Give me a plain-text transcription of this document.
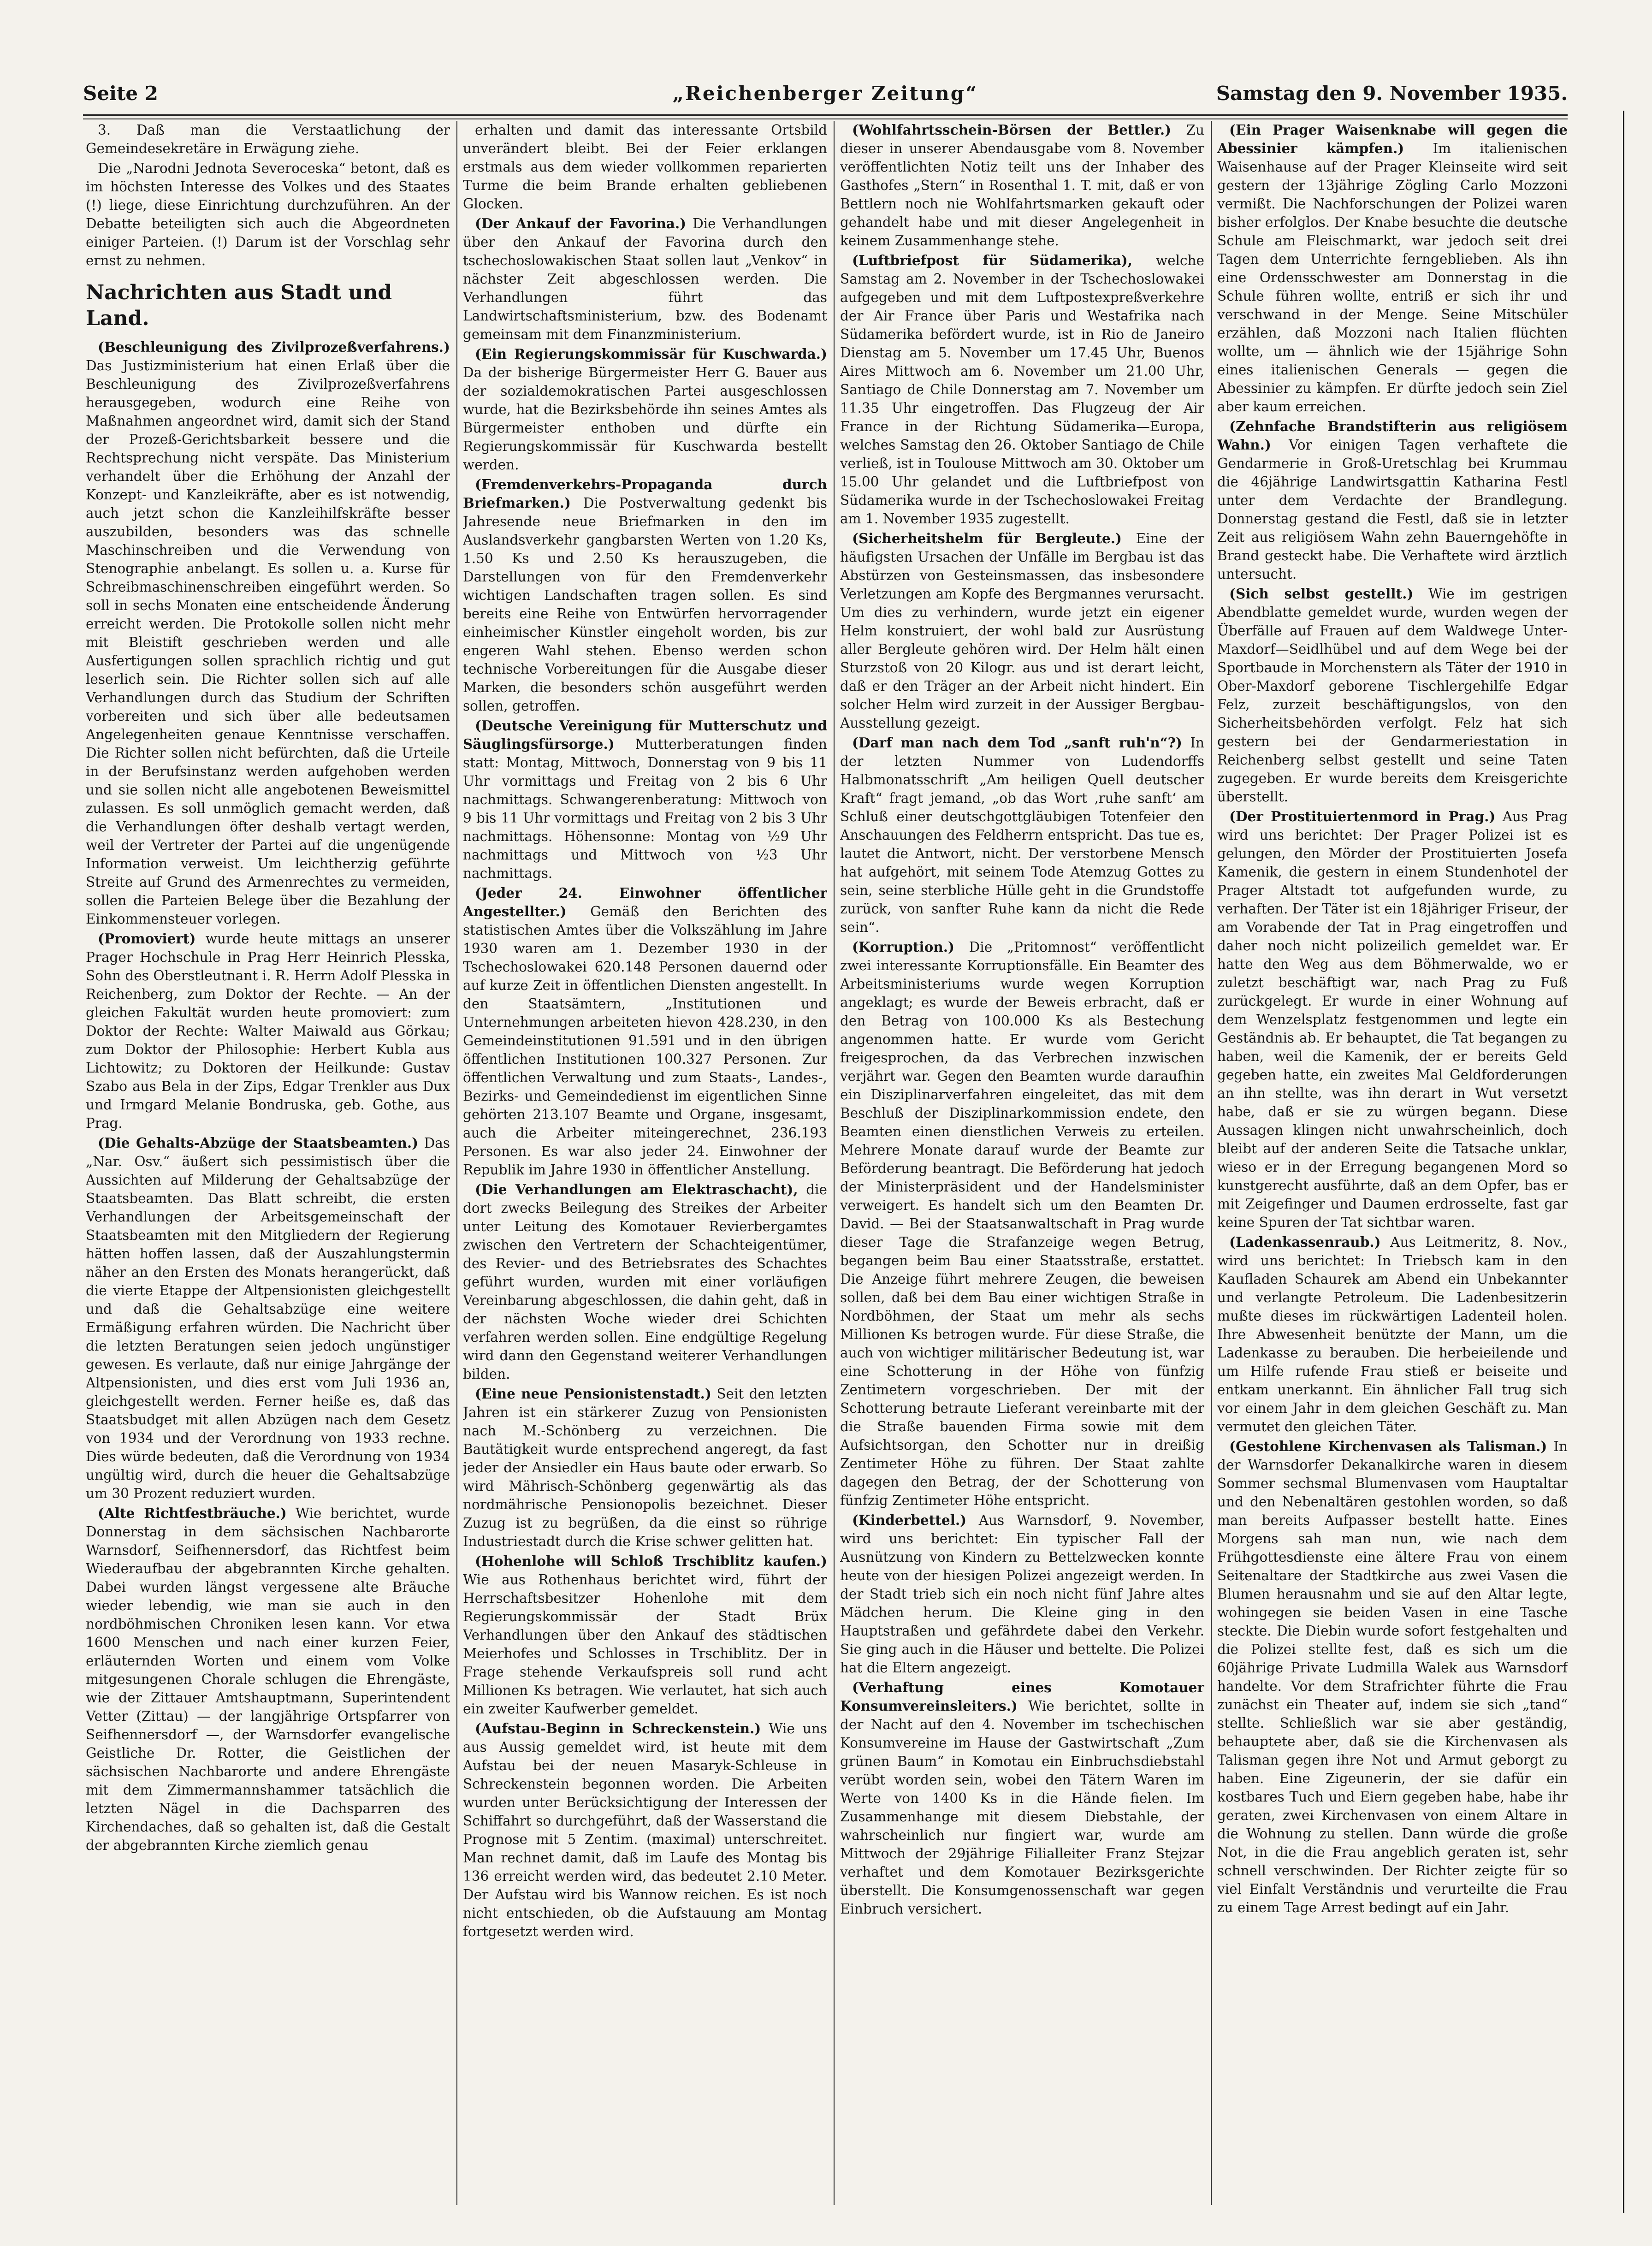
Seite 2	„Reichenberger Zeitung“	Samstag den 9. November 1935.

3. Daß man die Verstaatlichung der Gemeindesekretäre in Erwägung ziehe.

Die „Narodni Jednota Severoceska“ betont, daß es im höchsten Interesse des Volkes und des Staates (!) liege, diese Einrichtung durchzuführen. An der Debatte beteiligten sich auch die Abgeordneten einiger Parteien. (!) Darum ist der Vorschlag sehr ernst zu nehmen.

Nachrichten aus Stadt und Land.

(Beschleunigung des Zivilprozeßverfahrens.) Das Justizministerium hat einen Erlaß über die Beschleunigung des Zivilprozeßverfahrens herausgegeben, wodurch eine Reihe von Maßnahmen angeordnet wird, damit sich der Stand der Prozeß-Gerichtsbarkeit bessere und die Rechtsprechung nicht verspäte. Das Ministerium verhandelt über die Erhöhung der Anzahl der Konzept- und Kanzleikräfte, aber es ist notwendig, auch jetzt schon die Kanzleihilfskräfte besser auszubilden, besonders was das schnelle Maschinschreiben und die Verwendung von Stenographie anbelangt. Es sollen u. a. Kurse für Schreibmaschinenschreiben eingeführt werden. So soll in sechs Monaten eine entscheidende Änderung erreicht werden. Die Protokolle sollen nicht mehr mit Bleistift geschrieben werden und alle Ausfertigungen sollen sprachlich richtig und gut leserlich sein. Die Richter sollen sich auf alle Verhandlungen durch das Studium der Schriften vorbereiten und sich über alle bedeutsamen Angelegenheiten genaue Kenntnisse verschaffen. Die Richter sollen nicht befürchten, daß die Urteile in der Berufsinstanz werden aufgehoben werden und sie sollen nicht alle angebotenen Beweismittel zulassen. Es soll unmöglich gemacht werden, daß die Verhandlungen öfter deshalb vertagt werden, weil der Vertreter der Partei auf die ungenügende Information verweist. Um leichtherzig geführte Streite auf Grund des Armenrechtes zu vermeiden, sollen die Parteien Belege über die Bezahlung der Einkommensteuer vorlegen.

(Promoviert) wurde heute mittags an unserer Prager Hochschule in Prag Herr Heinrich Plesska, Sohn des Oberstleutnant i. R. Herrn Adolf Plesska in Reichenberg, zum Doktor der Rechte. — An der gleichen Fakultät wurden heute promoviert: zum Doktor der Rechte: Walter Maiwald aus Görkau; zum Doktor der Philosophie: Herbert Kubla aus Lichtowitz; zu Doktoren der Heilkunde: Gustav Szabo aus Bela in der Zips, Edgar Trenkler aus Dux und Irmgard Melanie Bondruska, geb. Gothe, aus Prag.

(Die Gehalts-Abzüge der Staatsbeamten.) Das „Nar. Osv.“ äußert sich pessimistisch über die Aussichten auf Milderung der Gehaltsabzüge der Staatsbeamten. Das Blatt schreibt, die ersten Verhandlungen der Arbeitsgemeinschaft der Staatsbeamten mit den Mitgliedern der Regierung hätten hoffen lassen, daß der Auszahlungstermin näher an den Ersten des Monats herangerückt, daß die vierte Etappe der Altpensionisten gleichgestellt und daß die Gehaltsabzüge eine weitere Ermäßigung erfahren würden. Die Nachricht über die letzten Beratungen seien jedoch ungünstiger gewesen. Es verlaute, daß nur einige Jahrgänge der Altpensionisten, und dies erst vom Juli 1936 an, gleichgestellt werden. Ferner heiße es, daß das Staatsbudget mit allen Abzügen nach dem Gesetz von 1934 und der Verordnung von 1933 rechne. Dies würde bedeuten, daß die Verordnung von 1934 ungültig wird, durch die heuer die Gehaltsabzüge um 30 Prozent reduziert wurden.

(Alte Richtfestbräuche.) Wie berichtet, wurde Donnerstag in dem sächsischen Nachbarorte Warnsdorf, Seifhennersdorf, das Richtfest beim Wiederaufbau der abgebrannten Kirche gehalten. Dabei wurden längst vergessene alte Bräuche wieder lebendig, wie man sie auch in den nordböhmischen Chroniken lesen kann. Vor etwa 1600 Menschen und nach einer kurzen Feier, erläuternden Worten und einem vom Volke mitgesungenen Chorale schlugen die Ehrengäste, wie der Zittauer Amtshauptmann, Superintendent Vetter (Zittau) — der langjährige Ortspfarrer von Seifhennersdorf —, der Warnsdorfer evangelische Geistliche Dr. Rotter, die Geistlichen der sächsischen Nachbarorte und andere Ehrengäste mit dem Zimmermannshammer tatsächlich die letzten Nägel in die Dachsparren des Kirchendaches, daß so gehalten ist, daß die Gestalt der abgebrannten Kirche ziemlich genau

erhalten und damit das interessante Ortsbild unverändert bleibt. Bei der Feier erklangen erstmals aus dem wieder vollkommen reparierten Turme die beim Brande erhalten gebliebenen Glocken.

(Der Ankauf der Favorina.) Die Verhandlungen über den Ankauf der Favorina durch den tschechoslowakischen Staat sollen laut „Venkov“ in nächster Zeit abgeschlossen werden. Die Verhandlungen führt das Landwirtschaftsministerium, bzw. des Bodenamt gemeinsam mit dem Finanzministerium.

(Ein Regierungskommissär für Kuschwarda.) Da der bisherige Bürgermeister Herr G. Bauer aus der sozialdemokratischen Partei ausgeschlossen wurde, hat die Bezirksbehörde ihn seines Amtes als Bürgermeister enthoben und dürfte ein Regierungskommissär für Kuschwarda bestellt werden.

(Fremdenverkehrs-Propaganda durch Briefmarken.) Die Postverwaltung gedenkt bis Jahresende neue Briefmarken in den im Auslandsverkehr gangbarsten Werten von 1.20 Ks, 1.50 Ks und 2.50 Ks herauszugeben, die Darstellungen von für den Fremdenverkehr wichtigen Landschaften tragen sollen. Es sind bereits eine Reihe von Entwürfen hervorragender einheimischer Künstler eingeholt worden, bis zur engeren Wahl stehen. Ebenso werden schon technische Vorbereitungen für die Ausgabe dieser Marken, die besonders schön ausgeführt werden sollen, getroffen.

(Deutsche Vereinigung für Mutterschutz und Säuglingsfürsorge.) Mutterberatungen finden statt: Montag, Mittwoch, Donnerstag von 9 bis 11 Uhr vormittags und Freitag von 2 bis 6 Uhr nachmittags. Schwangerenberatung: Mittwoch von 9 bis 11 Uhr vormittags und Freitag von 2 bis 3 Uhr nachmittags. Höhensonne: Montag von ½9 Uhr nachmittags und Mittwoch von ½3 Uhr nachmittags.

(Jeder 24. Einwohner öffentlicher Angestellter.) Gemäß den Berichten des statistischen Amtes über die Volkszählung im Jahre 1930 waren am 1. Dezember 1930 in der Tschechoslowakei 620.148 Personen dauernd oder auf kurze Zeit in öffentlichen Diensten angestellt. In den Staatsämtern, „Institutionen und Unternehmungen arbeiteten hievon 428.230, in den Gemeindeinstitutionen 91.591 und in den übrigen öffentlichen Institutionen 100.327 Personen. Zur öffentlichen Verwaltung und zum Staats-, Landes-, Bezirks- und Gemeindedienst im eigentlichen Sinne gehörten 213.107 Beamte und Organe, insgesamt, auch die Arbeiter miteingerechnet, 236.193 Personen. Es war also jeder 24. Einwohner der Republik im Jahre 1930 in öffentlicher Anstellung.

(Die Verhandlungen am Elektraschacht), die dort zwecks Beilegung des Streikes der Arbeiter unter Leitung des Komotauer Revierbergamtes zwischen den Vertretern der Schachteigentümer, des Revier- und des Betriebsrates des Schachtes geführt wurden, wurden mit einer vorläufigen Vereinbarung abgeschlossen, die dahin geht, daß in der nächsten Woche wieder drei Schichten verfahren werden sollen. Eine endgültige Regelung wird dann den Gegenstand weiterer Verhandlungen bilden.

(Eine neue Pensionistenstadt.) Seit den letzten Jahren ist ein stärkerer Zuzug von Pensionisten nach M.-Schönberg zu verzeichnen. Die Bautätigkeit wurde entsprechend angeregt, da fast jeder der Ansiedler ein Haus baute oder erwarb. So wird Mährisch-Schönberg gegenwärtig als das nordmährische Pensionopolis bezeichnet. Dieser Zuzug ist zu begrüßen, da die einst so rührige Industriestadt durch die Krise schwer gelitten hat.

(Hohenlohe will Schloß Trschiblitz kaufen.) Wie aus Rothenhaus berichtet wird, führt der Herrschaftsbesitzer Hohenlohe mit dem Regierungskommissär der Stadt Brüx Verhandlungen über den Ankauf des städtischen Meierhofes und Schlosses in Trschiblitz. Der in Frage stehende Verkaufspreis soll rund acht Millionen Ks betragen. Wie verlautet, hat sich auch ein zweiter Kaufwerber gemeldet.

(Aufstau-Beginn in Schreckenstein.) Wie uns aus Aussig gemeldet wird, ist heute mit dem Aufstau bei der neuen Masaryk-Schleuse in Schreckenstein begonnen worden. Die Arbeiten wurden unter Berücksichtigung der Interessen der Schiffahrt so durchgeführt, daß der Wasserstand die Prognose mit 5 Zentim. (maximal) unterschreitet. Man rechnet damit, daß im Laufe des Montag bis 136 erreicht werden wird, das bedeutet 2.10 Meter. Der Aufstau wird bis Wannow reichen. Es ist noch nicht entschieden, ob die Aufstauung am Montag fortgesetzt werden wird.

(Wohlfahrtsschein-Börsen der Bettler.) Zu dieser in unserer Abendausgabe vom 8. November veröffentlichten Notiz teilt uns der Inhaber des Gasthofes „Stern“ in Rosenthal 1. T. mit, daß er von Bettlern noch nie Wohlfahrtsmarken gekauft oder gehandelt habe und mit dieser Angelegenheit in keinem Zusammenhange stehe.

(Luftbriefpost für Südamerika), welche Samstag am 2. November in der Tschechoslowakei aufgegeben und mit dem Luftpostexpreßverkehre der Air France über Paris und Westafrika nach Südamerika befördert wurde, ist in Rio de Janeiro Dienstag am 5. November um 17.45 Uhr, Buenos Aires Mittwoch am 6. November um 21.00 Uhr, Santiago de Chile Donnerstag am 7. November um 11.35 Uhr eingetroffen. Das Flugzeug der Air France in der Richtung Südamerika—Europa, welches Samstag den 26. Oktober Santiago de Chile verließ, ist in Toulouse Mittwoch am 30. Oktober um 15.00 Uhr gelandet und die Luftbriefpost von Südamerika wurde in der Tschechoslowakei Freitag am 1. November 1935 zugestellt.

(Sicherheitshelm für Bergleute.) Eine der häufigsten Ursachen der Unfälle im Bergbau ist das Abstürzen von Gesteinsmassen, das insbesondere Verletzungen am Kopfe des Bergmannes verursacht. Um dies zu verhindern, wurde jetzt ein eigener Helm konstruiert, der wohl bald zur Ausrüstung aller Bergleute gehören wird. Der Helm hält einen Sturzstoß von 20 Kilogr. aus und ist derart leicht, daß er den Träger an der Arbeit nicht hindert. Ein solcher Helm wird zurzeit in der Aussiger Bergbau-Ausstellung gezeigt.

(Darf man nach dem Tod „sanft ruh'n“?) In der letzten Nummer von Ludendorffs Halbmonatsschrift „Am heiligen Quell deutscher Kraft“ fragt jemand, „ob das Wort ‚ruhe sanft‘ am Schluß einer deutschgottgläubigen Totenfeier den Anschauungen des Feldherrn entspricht. Das tue es, lautet die Antwort, nicht. Der verstorbene Mensch hat aufgehört, mit seinem Tode Atemzug Gottes zu sein, seine sterbliche Hülle geht in die Grundstoffe zurück, von sanfter Ruhe kann da nicht die Rede sein“.

(Korruption.) Die „Pritomnost“ veröffentlicht zwei interessante Korruptionsfälle. Ein Beamter des Arbeitsministeriums wurde wegen Korruption angeklagt; es wurde der Beweis erbracht, daß er den Betrag von 100.000 Ks als Bestechung angenommen hatte. Er wurde vom Gericht freigesprochen, da das Verbrechen inzwischen verjährt war. Gegen den Beamten wurde daraufhin ein Disziplinarverfahren eingeleitet, das mit dem Beschluß der Disziplinarkommission endete, den Beamten einen dienstlichen Verweis zu erteilen. Mehrere Monate darauf wurde der Beamte zur Beförderung beantragt. Die Beförderung hat jedoch der Ministerpräsident und der Handelsminister verweigert. Es handelt sich um den Beamten Dr. David. — Bei der Staatsanwaltschaft in Prag wurde dieser Tage die Strafanzeige wegen Betrug, begangen beim Bau einer Staatsstraße, erstattet. Die Anzeige führt mehrere Zeugen, die beweisen sollen, daß bei dem Bau einer wichtigen Straße in Nordböhmen, der Staat um mehr als sechs Millionen Ks betrogen wurde. Für diese Straße, die auch von wichtiger militärischer Bedeutung ist, war eine Schotterung in der Höhe von fünfzig Zentimetern vorgeschrieben. Der mit der Schotterung betraute Lieferant vereinbarte mit der die Straße bauenden Firma sowie mit dem Aufsichtsorgan, den Schotter nur in dreißig Zentimeter Höhe zu führen. Der Staat zahlte dagegen den Betrag, der der Schotterung von fünfzig Zentimeter Höhe entspricht.

(Kinderbettel.) Aus Warnsdorf, 9. November, wird uns berichtet: Ein typischer Fall der Ausnützung von Kindern zu Bettelzwecken konnte heute von der hiesigen Polizei angezeigt werden. In der Stadt trieb sich ein noch nicht fünf Jahre altes Mädchen herum. Die Kleine ging in den Hauptstraßen und gefährdete dabei den Verkehr. Sie ging auch in die Häuser und bettelte. Die Polizei hat die Eltern angezeigt.

(Verhaftung eines Komotauer Konsumvereinsleiters.) Wie berichtet, sollte in der Nacht auf den 4. November im tschechischen Konsumvereine im Hause der Gastwirtschaft „Zum grünen Baum“ in Komotau ein Einbruchsdiebstahl verübt worden sein, wobei den Tätern Waren im Werte von 1400 Ks in die Hände fielen. Im Zusammenhange mit diesem Diebstahle, der wahrscheinlich nur fingiert war, wurde am Mittwoch der 29jährige Filialleiter Franz Stejzar verhaftet und dem Komotauer Bezirksgerichte überstellt. Die Konsumgenossenschaft war gegen Einbruch versichert.

(Ein Prager Waisenknabe will gegen die Abessinier kämpfen.) Im italienischen Waisenhause auf der Prager Kleinseite wird seit gestern der 13jährige Zögling Carlo Mozzoni vermißt. Die Nachforschungen der Polizei waren bisher erfolglos. Der Knabe besuchte die deutsche Schule am Fleischmarkt, war jedoch seit drei Tagen dem Unterrichte ferngeblieben. Als ihn eine Ordensschwester am Donnerstag in die Schule führen wollte, entriß er sich ihr und verschwand in der Menge. Seine Mitschüler erzählen, daß Mozzoni nach Italien flüchten wollte, um — ähnlich wie der 15jährige Sohn eines italienischen Generals — gegen die Abessinier zu kämpfen. Er dürfte jedoch sein Ziel aber kaum erreichen.

(Zehnfache Brandstifterin aus religiösem Wahn.) Vor einigen Tagen verhaftete die Gendarmerie in Groß-Uretschlag bei Krummau die 46jährige Landwirtsgattin Katharina Festl unter dem Verdachte der Brandlegung. Donnerstag gestand die Festl, daß sie in letzter Zeit aus religiösem Wahn zehn Bauerngehöfte in Brand gesteckt habe. Die Verhaftete wird ärztlich untersucht.

(Sich selbst gestellt.) Wie im gestrigen Abendblatte gemeldet wurde, wurden wegen der Überfälle auf Frauen auf dem Waldwege Unter-Maxdorf—Seidlhübel und auf dem Wege bei der Sportbaude in Morchenstern als Täter der 1910 in Ober-Maxdorf geborene Tischlergehilfe Edgar Felz, zurzeit beschäftigungslos, von den Sicherheitsbehörden verfolgt. Felz hat sich gestern bei der Gendarmeriestation in Reichenberg selbst gestellt und seine Taten zugegeben. Er wurde bereits dem Kreisgerichte überstellt.

(Der Prostituiertenmord in Prag.) Aus Prag wird uns berichtet: Der Prager Polizei ist es gelungen, den Mörder der Prostituierten Josefa Kamenik, die gestern in einem Stundenhotel der Prager Altstadt tot aufgefunden wurde, zu verhaften. Der Täter ist ein 18jähriger Friseur, der am Vorabende der Tat in Prag eingetroffen und daher noch nicht polizeilich gemeldet war. Er hatte den Weg aus dem Böhmerwalde, wo er zuletzt beschäftigt war, nach Prag zu Fuß zurückgelegt. Er wurde in einer Wohnung auf dem Wenzelsplatz festgenommen und legte ein Geständnis ab. Er behauptet, die Tat begangen zu haben, weil die Kamenik, der er bereits Geld gegeben hatte, ein zweites Mal Geldforderungen an ihn stellte, was ihn derart in Wut versetzt habe, daß er sie zu würgen begann. Diese Aussagen klingen nicht unwahrscheinlich, doch bleibt auf der anderen Seite die Tatsache unklar, wieso er in der Erregung begangenen Mord so kunstgerecht ausführte, daß an dem Opfer, bas er mit Zeigefinger und Daumen erdrosselte, fast gar keine Spuren der Tat sichtbar waren.

(Ladenkassenraub.) Aus Leitmeritz, 8. Nov., wird uns berichtet: In Triebsch kam in den Kaufladen Schaurek am Abend ein Unbekannter und verlangte Petroleum. Die Ladenbesitzerin mußte dieses im rückwärtigen Ladenteil holen. Ihre Abwesenheit benützte der Mann, um die Ladenkasse zu berauben. Die herbeieilende und um Hilfe rufende Frau stieß er beiseite und entkam unerkannt. Ein ähnlicher Fall trug sich vor einem Jahr in dem gleichen Geschäft zu. Man vermutet den gleichen Täter.

(Gestohlene Kirchenvasen als Talisman.) In der Warnsdorfer Dekanalkirche waren in diesem Sommer sechsmal Blumenvasen vom Hauptaltar und den Nebenaltären gestohlen worden, so daß man bereits Aufpasser bestellt hatte. Eines Morgens sah man nun, wie nach dem Frühgottesdienste eine ältere Frau von einem Seitenaltare der Stadtkirche aus zwei Vasen die Blumen herausnahm und sie auf den Altar legte, wohingegen sie beiden Vasen in eine Tasche steckte. Die Diebin wurde sofort festgehalten und die Polizei stellte fest, daß es sich um die 60jährige Private Ludmilla Walek aus Warnsdorf handelte. Vor dem Strafrichter führte die Frau zunächst ein Theater auf, indem sie sich „tand“ stellte. Schließlich war sie aber geständig, behauptete aber, daß sie die Kirchenvasen als Talisman gegen ihre Not und Armut geborgt zu haben. Eine Zigeunerin, der sie dafür ein kostbares Tuch und Eiern gegeben habe, habe ihr geraten, zwei Kirchenvasen von einem Altare in die Wohnung zu stellen. Dann würde die große Not, in die die Frau angeblich geraten ist, sehr schnell verschwinden. Der Richter zeigte für so viel Einfalt Verständnis und verurteilte die Frau zu einem Tage Arrest bedingt auf ein Jahr.
